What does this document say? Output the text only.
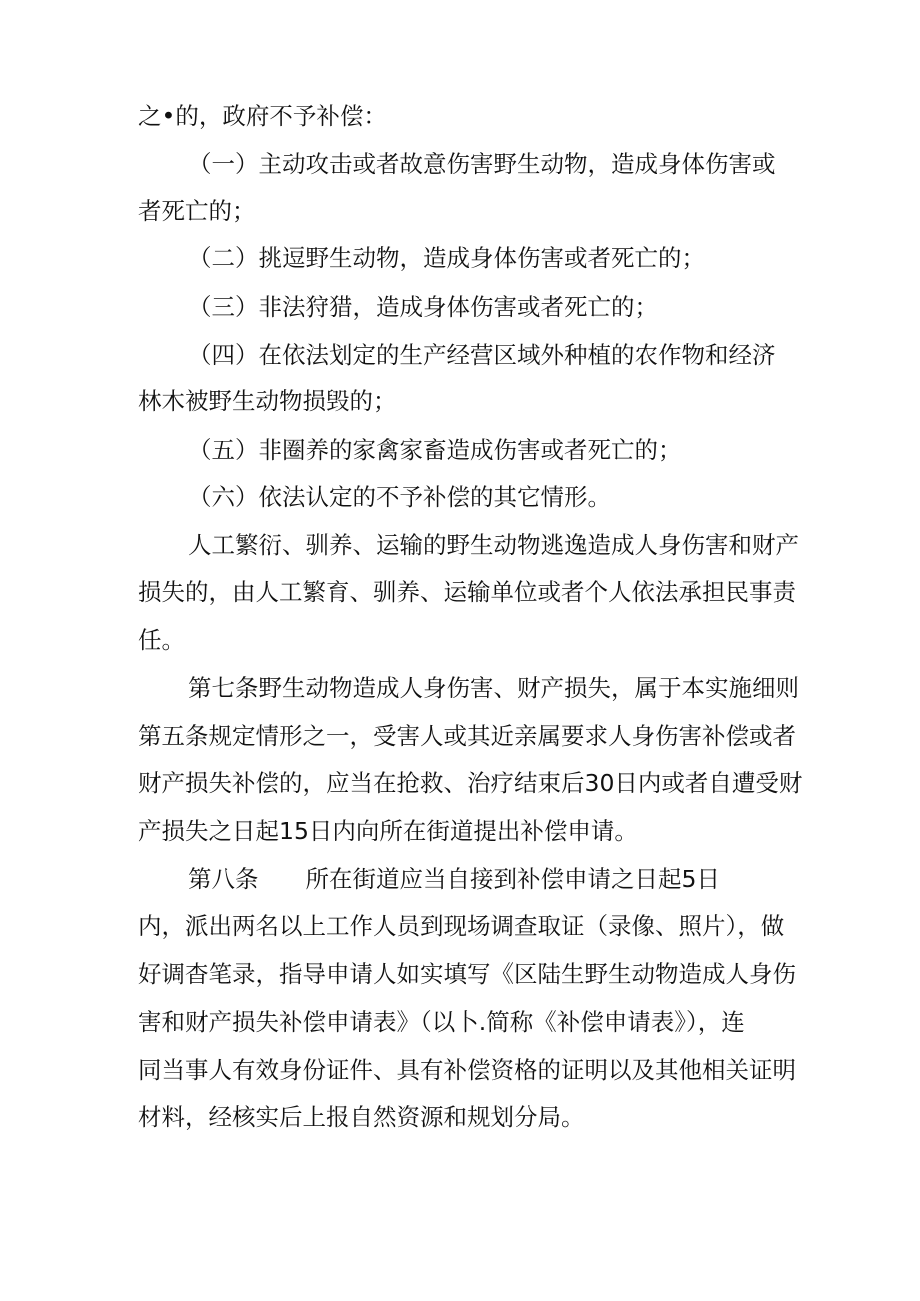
之•的，政府不予补偿：
（一）主动攻击或者故意伤害野生动物，造成身体伤害或
者死亡的；
（二）挑逗野生动物，造成身体伤害或者死亡的；
（三）非法狩猎，造成身体伤害或者死亡的；
（四）在依法划定的生产经营区域外种植的农作物和经济
林木被野生动物损毁的；
（五）非圈养的家禽家畜造成伤害或者死亡的；
（六）依法认定的不予补偿的其它情形。
人工繁衍、驯养、运输的野生动物逃逸造成人身伤害和财产
损失的，由人工繁育、驯养、运输单位或者个人依法承担民事责
任。
第七条野生动物造成人身伤害、财产损失，属于本实施细则
第五条规定情形之一，受害人或其近亲属要求人身伤害补偿或者
财产损失补偿的，应当在抢救、治疗结束后30日内或者自遭受财
产损失之日起15日内向所在街道提出补偿申请。
第八条　　所在街道应当自接到补偿申请之日起5日
内，派出两名以上工作人员到现场调查取证（录像、照片），做
好调杳笔录，指导申请人如实填写《区陆生野生动物造成人身伤
害和财产损失补偿申请表》（以卜.简称《补偿申请表》），连
同当事人有效身份证件、具有补偿资格的证明以及其他相关证明
材料，经核实后上报自然资源和规划分局。
